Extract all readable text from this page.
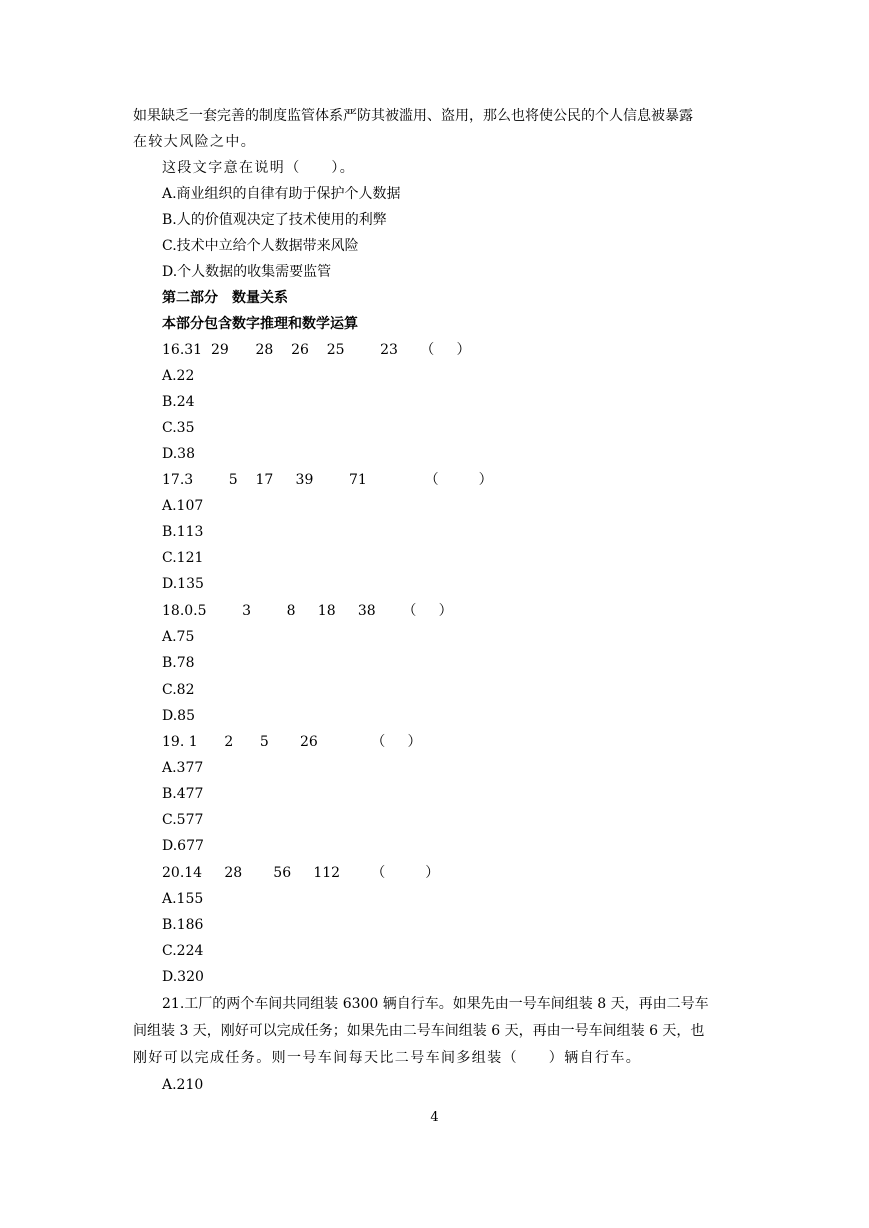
如果缺乏一套完善的制度监管体系严防其被滥用、盗用，那么也将使公民的个人信息被暴露
在较大风险之中。
这段文字意在说明（　　）。
A.商业组织的自律有助于保护个人数据
B.人的价值观决定了技术使用的利弊
C.技术中立给个人数据带来风险
D.个人数据的收集需要监管
第二部分　数量关系
本部分包含数字推理和数学运算
16.31  29      28    26    25        23     （     ）
A.22
B.24
C.35
D.38
17.3        5    17     39        71             （         ）
A.107
B.113
C.121
D.135
18.0.5        3        8     18     38      （     ）
A.75
B.78
C.82
D.85
19. 1      2      5       26            （     ）
A.377
B.477
C.577
D.677
20.14     28       56     112       （         ）
A.155
B.186
C.224
D.320
21.工厂的两个车间共同组装 6300 辆自行车。如果先由一号车间组装 8 天，再由二号车
间组装 3 天，刚好可以完成任务；如果先由二号车间组装 6 天，再由一号车间组装 6 天，也
刚好可以完成任务。则一号车间每天比二号车间多组装（　　）辆自行车。
A.210
4
